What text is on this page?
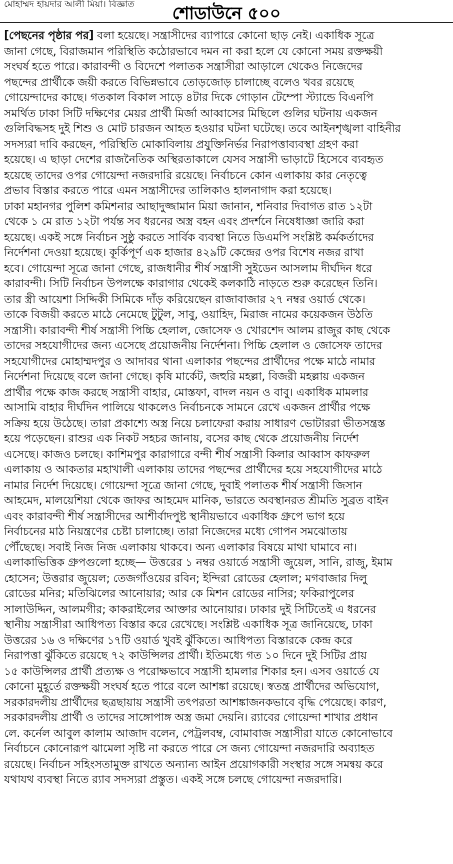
মোহাম্মদ হায়দার আলী মিয়া। বিজ্ঞাত	শোডাউনে ৫০০
[পেছনের পৃষ্ঠার পর] বলা হয়েছে। সন্ত্রাসীদের ব্যাপারে কোনো ছাড় নেই। একাধিক সূত্রে
জানা গেছে, বিরাজমান পরিস্থিতি কঠোরভাবে দমন না করা হলে যে কোনো সময় রক্তক্ষয়ী
সংঘর্ষ হতে পারে। কারাবন্দী ও বিদেশে পলাতক সন্ত্রাসীরা আড়ালে থেকেও নিজেদের
পছন্দের প্রার্থীকে জয়ী করতে বিভিন্নভাবে তোড়জোড় চালাচ্ছে বলেও খবর রয়েছে
গোয়েন্দাদের কাছে। গতকাল বিকাল সাড়ে ৪টার দিকে গোড়ান টেম্পো স্ট্যান্ডে বিএনপি
সমর্থিত ঢাকা সিটি দক্ষিণের মেয়র প্রার্থী মির্জা আব্বাসের মিছিলে গুলির ঘটনায় একজন
গুলিবিদ্ধসহ দুই শিশু ও মোট চারজন আহত হওয়ার ঘটনা ঘটেছে। তবে আইনশৃঙ্খলা বাহিনীর
সদস্যরা দাবি করছেন, পরিস্থিতি মোকাবিলায় প্রযুক্তিনির্ভর নিরাপত্তাব্যবস্থা গ্রহণ করা
হয়েছে। এ ছাড়া দেশের রাজনৈতিক অস্থিরতাকালে যেসব সন্ত্রাসী ভাড়াটে হিসেবে ব্যবহৃত
হয়েছে তাদের ওপর গোয়েন্দা নজরদারি রয়েছে। নির্বাচনে কোন এলাকায় কার নেতৃত্বে
প্রভাব বিস্তার করতে পারে এমন সন্ত্রাসীদের তালিকাও হালনাগাদ করা হয়েছে।
ঢাকা মহানগর পুলিশ কমিশনার আছাদুজ্জামান মিয়া জানান, শনিবার দিবাগত রাত ১২টা
থেকে ১ মে রাত ১২টা পর্যন্ত সব ধরনের অস্ত্র বহন এবং প্রদর্শনে নিষেধাজ্ঞা জারি করা
হয়েছে। একই সঙ্গে নির্বাচন সুষ্ঠু করতে সার্বিক ব্যবস্থা নিতে ডিএমপি সংশ্লিষ্ট কর্মকর্তাদের
নির্দেশনা দেওয়া হয়েছে। কূর্কিপূর্ণ এক হাজার ৪২৯টি কেন্দ্রের ওপর বিশেষ নজর রাখা
হবে। গোয়েন্দা সূত্রে জানা গেছে, রাজধানীর শীর্ষ সন্ত্রাসী সুইডেন আসলাম দীর্ঘদিন ধরে
কারাবন্দী। সিটি নির্বাচন উপলক্ষে কারাগার থেকেই কলকাঠি নাড়তে শুরু করেছেন তিনি।
তার স্ত্রী আয়েশা সিদ্দিকী সিমিকে দাঁড় করিয়েছেন রাজাবাজার ২৭ নম্বর ওয়ার্ড থেকে।
তাকে বিজয়ী করতে মাঠে নেমেছে টুটুল, সাবু, ওয়াহিদ, মিরাজ নামের কয়েকজন উঠতি
সন্ত্রাসী। কারাবন্দী শীর্ষ সন্ত্রাসী পিচ্চি হেলাল, জোসেফ ও খোরশেদ আলম রাজুর কাছ থেকে
তাদের সহযোগীদের জন্য এসেছে প্রয়োজনীয় নির্দেশনা। পিচ্চি হেলাল ও জোসেফ তাদের
সহযোগীদের মোহাম্মদপুর ও আদাবর থানা এলাকার পছন্দের প্রার্থীদের পক্ষে মাঠে নামার
নির্দেশনা দিয়েছে বলে জানা গেছে। কৃষি মার্কেট, জহুরি মহল্লা, বিজরী মহল্লায় একজন
প্রার্থীর পক্ষে কাজ করছে সন্ত্রাসী বাহার, মোস্তফা, বাদল নয়ন ও বাবু। একাধিক মামলার
আসামি বাহার দীর্ঘদিন পালিয়ে থাকলেও নির্বাচনকে সামনে রেখে একজন প্রার্থীর পক্ষে
সক্রিয় হয়ে উঠেছে। তারা প্রকাশ্যে অস্ত্র নিয়ে চলাফেরা করায় সাধারণ ভোটাররা ভীতসন্ত্রস্ত
হয়ে পড়েছেন। রাশুর এক নিকট সহচর জানায়, বসের কাছ থেকে প্রয়োজনীয় নির্দেশ
এসেছে। কাজও চলছে। কাশিমপুর কারাগারে বন্দী শীর্ষ সন্ত্রাসী কিলার আব্বাস কাফরুল
এলাকায় ও আকতার মহাখালী এলাকায় তাদের পছন্দের প্রার্থীদের হয়ে সহযোগীদের মাঠে
নামার নির্দেশ দিয়েছে। গোয়েন্দা সূত্রে জানা গেছে, দুবাই পলাতক শীর্ষ সন্ত্রাসী জিসান
আহমেদ, মালয়েশিয়া থেকে জাফর আহমেদ মানিক, ভারতে অবস্থানরত শ্রীমতি সুব্রত বাইন
এবং কারাবন্দী শীর্ষ সন্ত্রাসীদের আশীর্বাদপুষ্ট স্থানীয়ভাবে একাধিক গ্রুপে ভাগ হয়ে
নির্বাচনের মাঠ নিয়ন্ত্রণের চেষ্টা চালাচ্ছে। তারা নিজেদের মধ্যে গোপন সমঝোতায়
পৌঁছেছে। সবাই নিজ নিজ এলাকায় থাকবে। অন্য এলাকার বিষয়ে মাথা ঘামাবে না।
এলাকাভিত্তিক গ্রুপগুলো হচ্ছে— উত্তরের ১ নম্বর ওয়ার্ডে সন্ত্রাসী জুয়েল, সানি, রাজু, ইমাম
হোসেন; উত্তরার জুয়েল; তেজগাঁওয়ের রবিন; ইন্দিরা রোডের হেলাল; মগবাজার দিলু
রোডের মনির; মতিঝিলের আনোয়ার; আর কে মিশন রোডের নাসির; ফকিরাপুলের
সালাউদ্দিন, আলমগীর; কাকরাইলের আক্তার আনোয়ার। ঢাকার দুই সিটিতেই এ ধরনের
স্থানীয় সন্ত্রাসীরা আধিপত্য বিস্তার করে রেখেছে। সংশ্লিষ্ট একাধিক সূত্র জানিয়েছে, ঢাকা
উত্তরের ১৬ ও দক্ষিণের ১৭টি ওয়ার্ড খুবই ঝুঁকিতে। আধিপত্য বিস্তারকে কেন্দ্র করে
নিরাপত্তা ঝুঁকিতে রয়েছে ৭২ কাউন্সিলর প্রার্থী। ইতিমধ্যে গত ১০ দিনে দুই সিটির প্রায়
১৫ কাউন্সিলর প্রার্থী প্রত্যক্ষ ও পরোক্ষভাবে সন্ত্রাসী হামলার শিকার হন। এসব ওয়ার্ডে যে
কোনো মুহূর্তে রক্তক্ষয়ী সংঘর্ষ হতে পারে বলে আশঙ্কা রয়েছে। স্বতন্ত্র প্রার্থীদের অভিযোগ,
সরকারদলীয় প্রার্থীদের ছত্রছায়ায় সন্ত্রাসী তৎপরতা আশঙ্কাজনকভাবে বৃদ্ধি পেয়েছে। কারণ,
সরকারদলীয় প্রার্থী ও তাদের সাঙ্গোপাঙ্গ অস্ত্র জমা দেয়নি। র‍্যাবের গোয়েন্দা শাখার প্রধান
লে. কর্নেল আবুল কালাম আজাদ বলেন, পেট্রলবম্ব, বোমাবাজ সন্ত্রাসীরা যাতে কোনোভাবে
নির্বাচনে কোনোরূপ ঝামেলা সৃষ্টি না করতে পারে সে জন্য গোয়েন্দা নজরদারি অব্যাহত
রয়েছে। নির্বাচন সহিংসতামুক্ত রাখতে অন্যান্য আইন প্রয়োগকারী সংস্থার সঙ্গে সমন্বয় করে
যথাযথ ব্যবস্থা নিতে র‍্যাব সদস্যরা প্রস্তুত। একই সঙ্গে চলছে গোয়েন্দা নজরদারি।
